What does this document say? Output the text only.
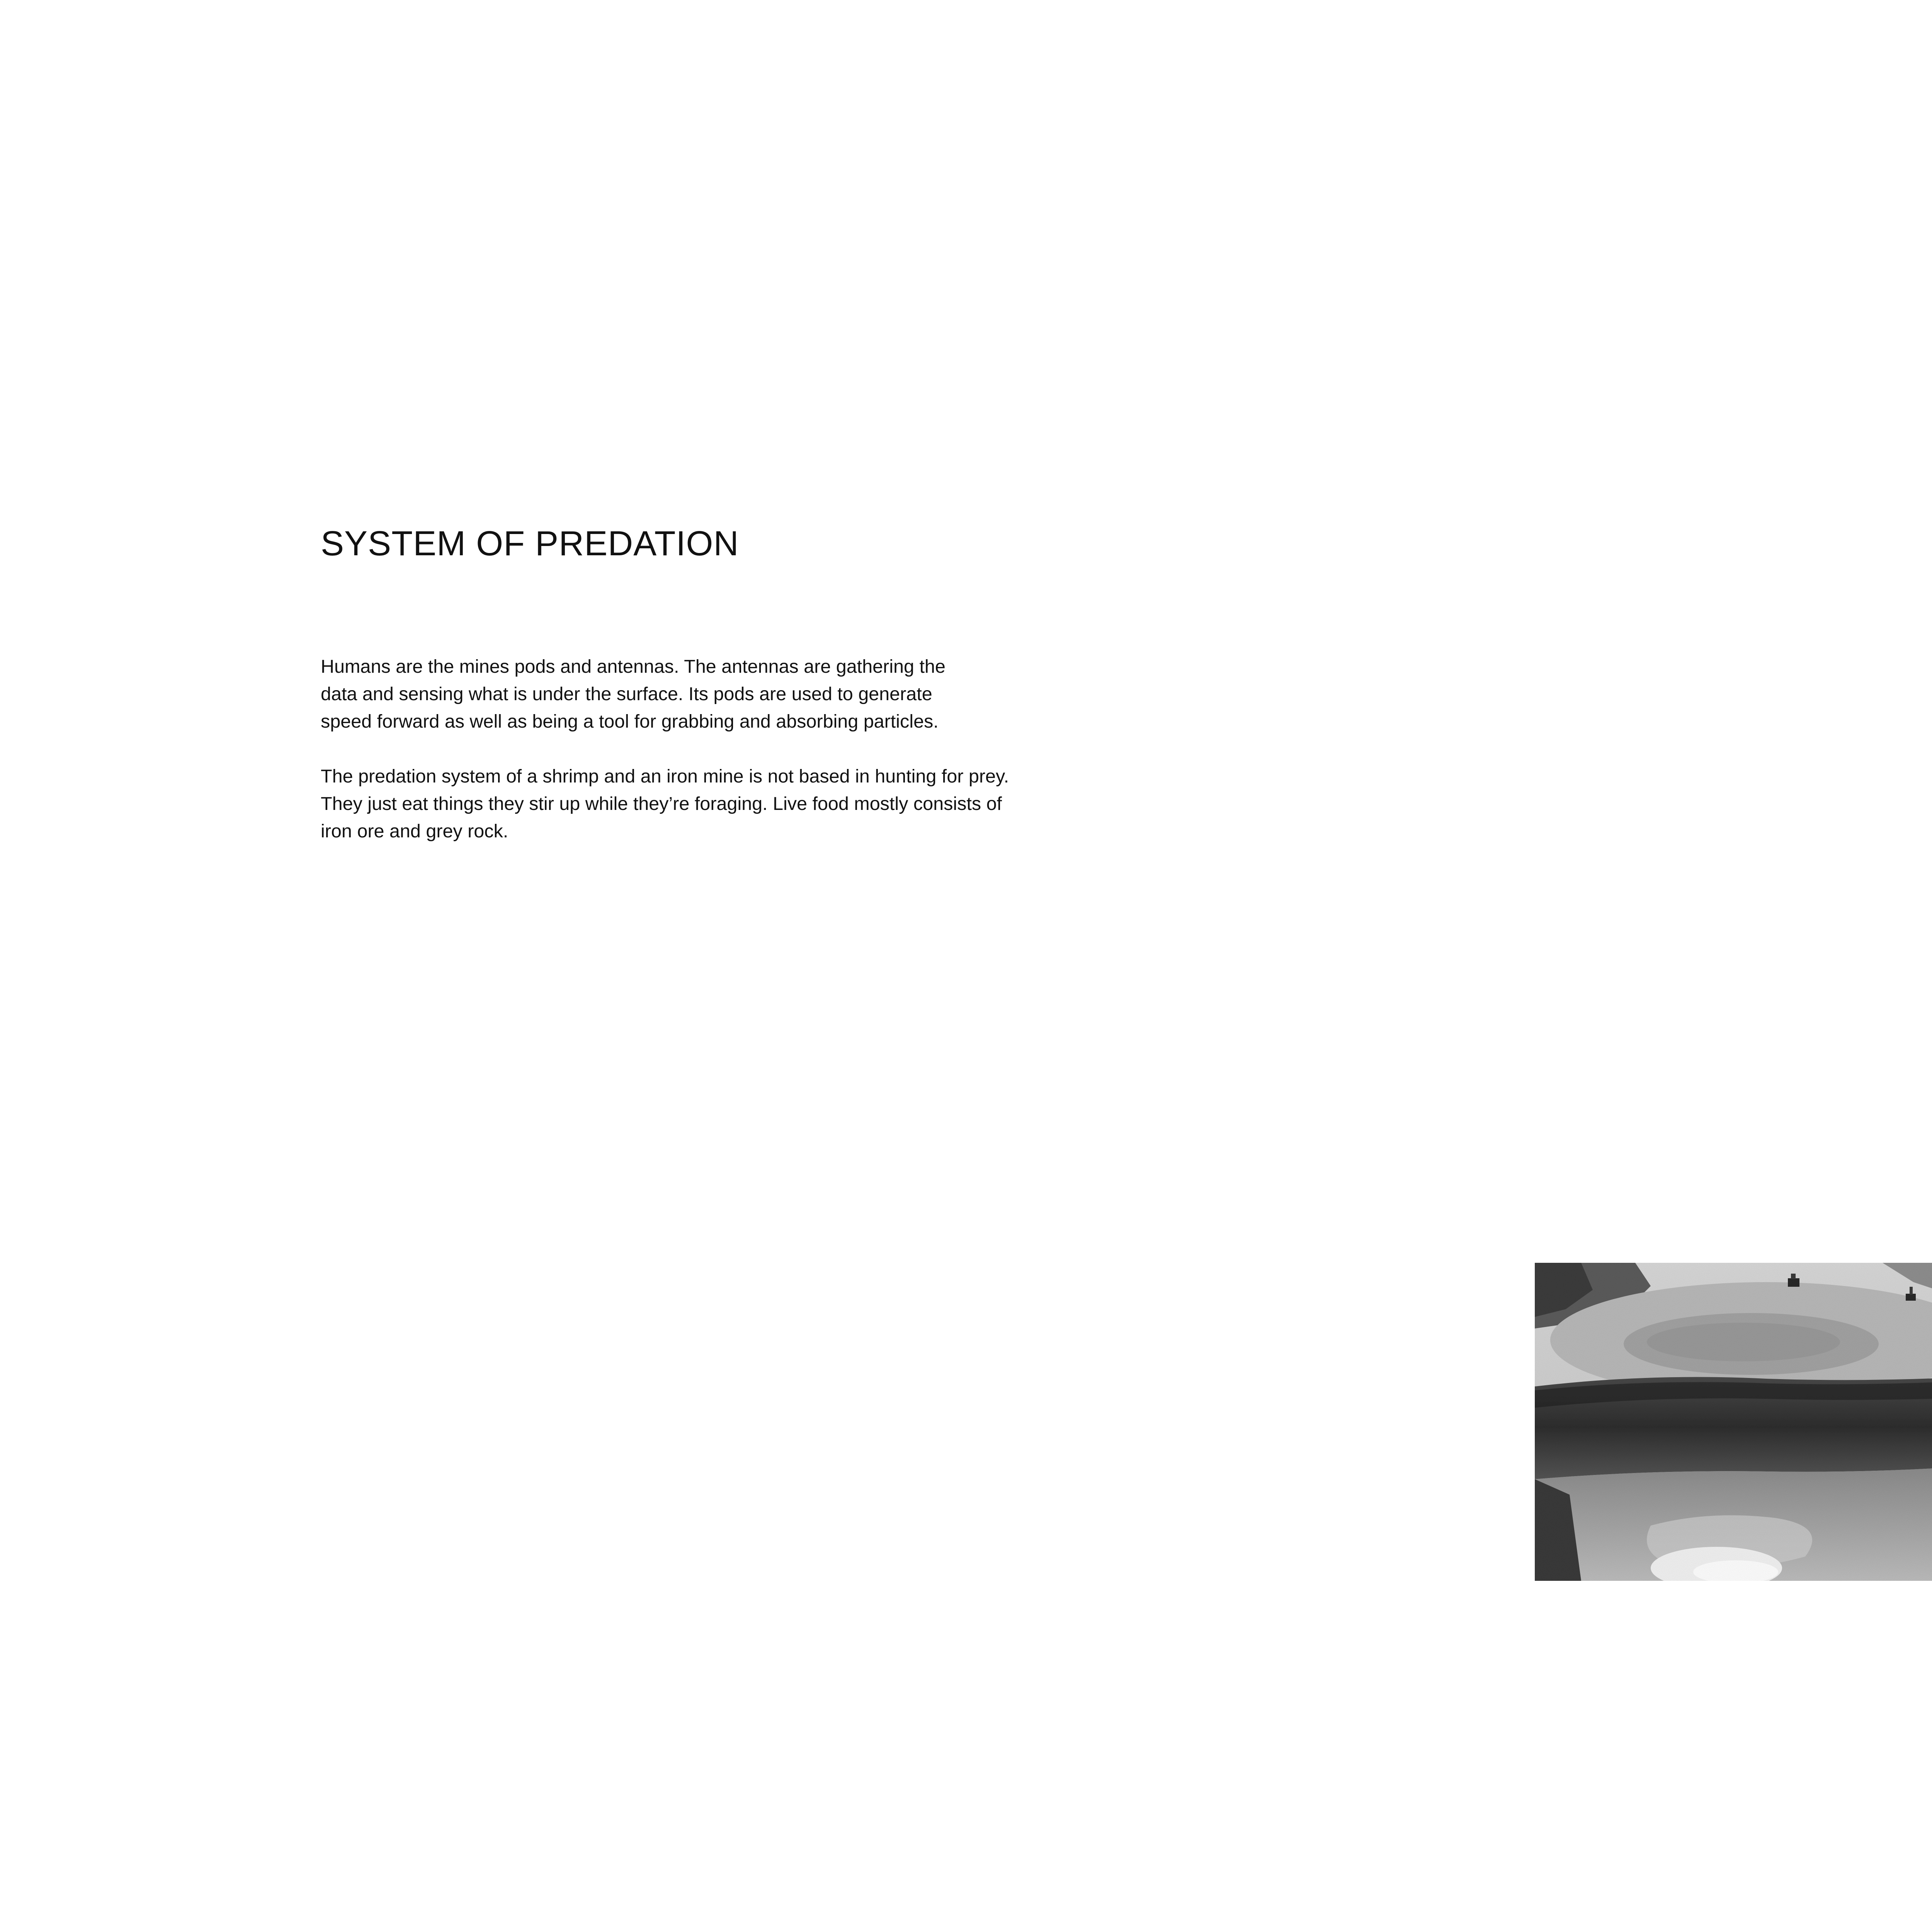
SYSTEM OF PREDATION

Humans are the mines pods and antennas. The antennas are gathering the
data and sensing what is under the surface. Its pods are used to generate
speed forward as well as being a tool for grabbing and absorbing particles.

The predation system of a shrimp and an iron mine is not based in hunting for prey.
They just eat things they stir up while they’re foraging. Live food mostly consists of
iron ore and grey rock.
